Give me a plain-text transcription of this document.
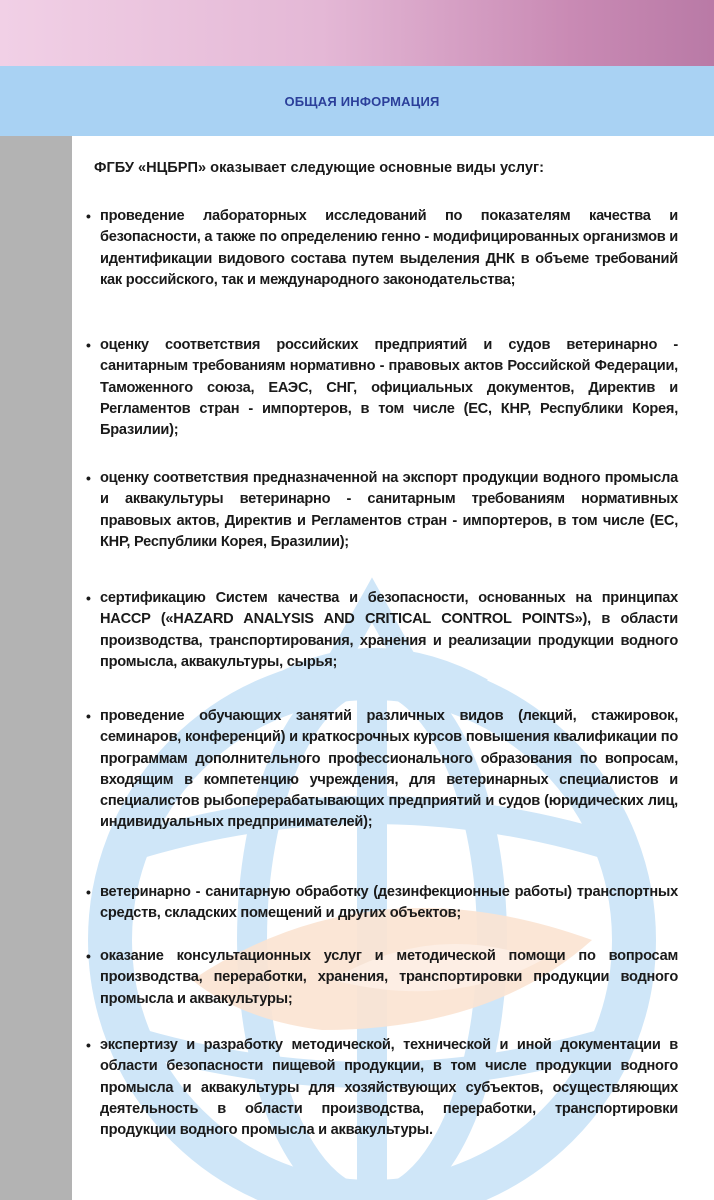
ОБЩАЯ ИНФОРМАЦИЯ

ФГБУ «НЦБРП» оказывает следующие основные виды услуг:

• проведение лабораторных исследований по показателям качества и безопасности, а также по определению генно - модифицированных организмов и идентификации видового состава путем выделения ДНК в объеме требований как российского, так и международного законодательства;
• оценку соответствия российских предприятий и судов ветеринарно - санитарным требованиям нормативно - правовых актов Российской Федерации, Таможенного союза, ЕАЭС, СНГ, официальных документов, Директив и Регламентов стран - импортеров, в том числе (ЕС, КНР, Республики Корея, Бразилии);
• оценку соответствия предназначенной на экспорт продукции водного промысла и аквакультуры ветеринарно - санитарным требованиям нормативных правовых актов, Директив и Регламентов стран - импортеров, в том числе (ЕС, КНР, Республики Корея, Бразилии);
• сертификацию Систем качества и безопасности, основанных на принципах HACCP («HAZARD ANALYSIS AND CRITICAL CONTROL POINTS»), в области производства, транспортирования, хранения и реализации продукции водного промысла, аквакультуры, сырья;
• проведение обучающих занятий различных видов (лекций, стажировок, семинаров, конференций) и краткосрочных курсов повышения квалификации по программам дополнительного профессионального образования по вопросам, входящим в компетенцию учреждения, для ветеринарных специалистов и специалистов рыбоперерабатывающих предприятий и судов (юридических лиц, индивидуальных предпринимателей);
• ветеринарно - санитарную обработку (дезинфекционные работы) транспортных средств, складских помещений и других объектов;
• оказание консультационных услуг и методической помощи по вопросам производства, переработки, хранения, транспортировки продукции водного промысла и аквакультуры;
• экспертизу и разработку методической, технической и иной документации в области безопасности пищевой продукции, в том числе продукции водного промысла и аквакультуры для хозяйствующих субъектов, осуществляющих деятельность в области производства, переработки, транспортировки продукции водного промысла и аквакультуры.
